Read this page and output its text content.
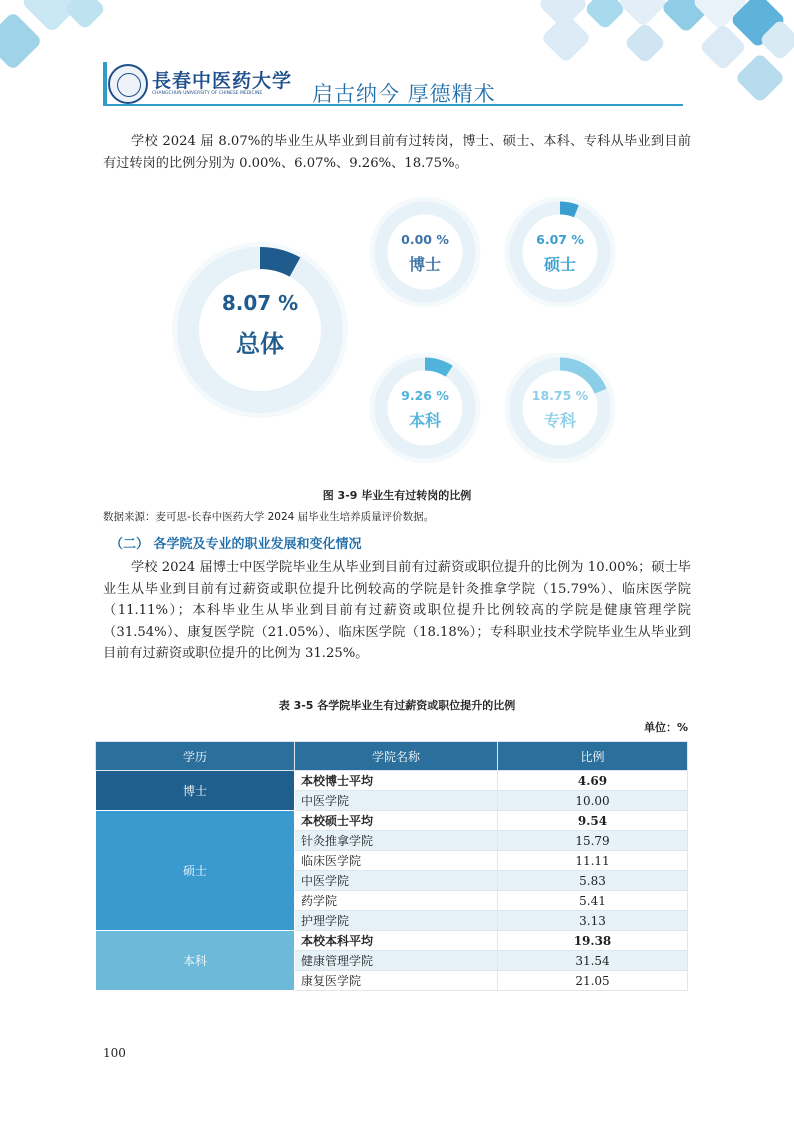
長春中医药大学
CHANGCHUN UNIVERSITY OF CHINESE MEDICINE 启古纳今 厚德精术
学校 2024 届 8.07%的毕业生从毕业到目前有过转岗，博士、硕士、本科、专科从毕业到目前有过转岗的比例分别为 0.00%、6.07%、9.26%、18.75%。
8.07 %
总体
0.00 %
博士
6.07 %
硕士
9.26 %
本科
18.75 %
专科
图 3-9 毕业生有过转岗的比例
数据来源：麦可思-长春中医药大学 2024 届毕业生培养质量评价数据。
（二） 各学院及专业的职业发展和变化情况
学校 2024 届博士中医学院毕业生从毕业到目前有过薪资或职位提升的比例为 10.00%；硕士毕业生从毕业到目前有过薪资或职位提升比例较高的学院是针灸推拿学院（15.79%）、临床医学院（11.11%）；本科毕业生从毕业到目前有过薪资或职位提升比例较高的学院是健康管理学院（31.54%）、康复医学院（21.05%）、临床医学院（18.18%）；专科职业技术学院毕业生从毕业到目前有过薪资或职位提升的比例为 31.25%。
表 3-5 各学院毕业生有过薪资或职位提升的比例
单位：%
学历	学院名称	比例
博士	本校博士平均	4.69
	中医学院	10.00
硕士	本校硕士平均	9.54
	针灸推拿学院	15.79
	临床医学院	11.11
	中医学院	5.83
	药学院	5.41
	护理学院	3.13
本科	本校本科平均	19.38
	健康管理学院	31.54
	康复医学院	21.05
100
